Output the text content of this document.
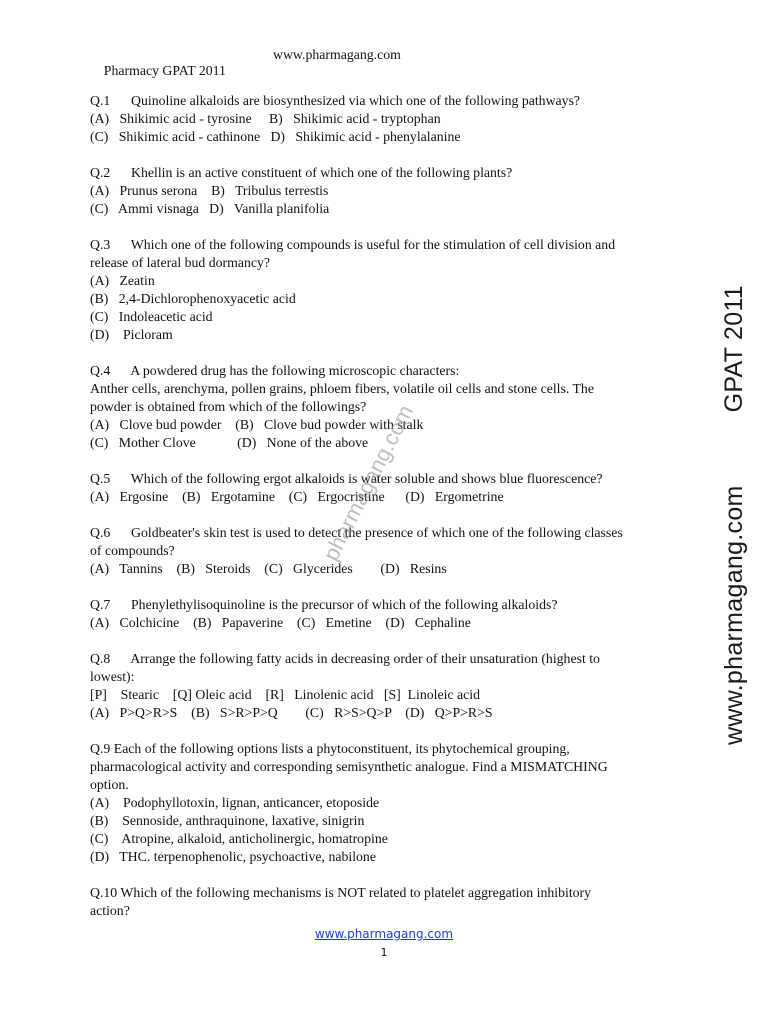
Pharmacy GPAT 2011

www.pharmagang.com

Q.1      Quinoline alkaloids are biosynthesized via which one of the following pathways?
(A)   Shikimic acid - tyrosine     B)   Shikimic acid - tryptophan
(C)   Shikimic acid - cathinone   D)   Shikimic acid - phenylalanine
Q.2      Khellin is an active constituent of which one of the following plants?
(A)   Prunus serona    B)   Tribulus terrestis
(C)   Ammi visnaga   D)   Vanilla planifolia
Q.3      Which one of the following compounds is useful for the stimulation of cell division and
release of lateral bud dormancy?
(A)   Zeatin
(B)   2,4-Dichlorophenoxyacetic acid
(C)   Indoleacetic acid
(D)    Picloram
Q.4      A powdered drug has the following microscopic characters:
Anther cells, arenchyma, pollen grains, phloem fibers, volatile oil cells and stone cells. The
powder is obtained from which of the followings?
(A)   Clove bud powder    (B)   Clove bud powder with stalk
(C)   Mother Clove            (D)   None of the above
Q.5      Which of the following ergot alkaloids is water soluble and shows blue fluorescence?
(A)   Ergosine    (B)   Ergotamine    (C)   Ergocristine      (D)   Ergometrine
Q.6      Goldbeater's skin test is used to detect the presence of which one of the following classes
of compounds?
(A)   Tannins    (B)   Steroids    (C)   Glycerides        (D)   Resins
Q.7      Phenylethylisoquinoline is the precursor of which of the following alkaloids?
(A)   Colchicine    (B)   Papaverine    (C)   Emetine    (D)   Cephaline
Q.8      Arrange the following fatty acids in decreasing order of their unsaturation (highest to
lowest):
[P]    Stearic    [Q] Oleic acid    [R]   Linolenic acid   [S]  Linoleic acid
(A)   P>Q>R>S    (B)   S>R>P>Q        (C)   R>S>Q>P    (D)   Q>P>R>S
Q.9 Each of the following options lists a phytoconstituent, its phytochemical grouping,
pharmacological activity and corresponding semisynthetic analogue. Find a MISMATCHING
option.
(A)    Podophyllotoxin, lignan, anticancer, etoposide
(B)    Sennoside, anthraquinone, laxative, sinigrin
(C)    Atropine, alkaloid, anticholinergic, homatropine
(D)   THC. terpenophenolic, psychoactive, nabilone
Q.10 Which of the following mechanisms is NOT related to platelet aggregation inhibitory
action?
pharmagang.com
www.pharmagang.com
GPAT 2011
www.pharmagang.com
1
